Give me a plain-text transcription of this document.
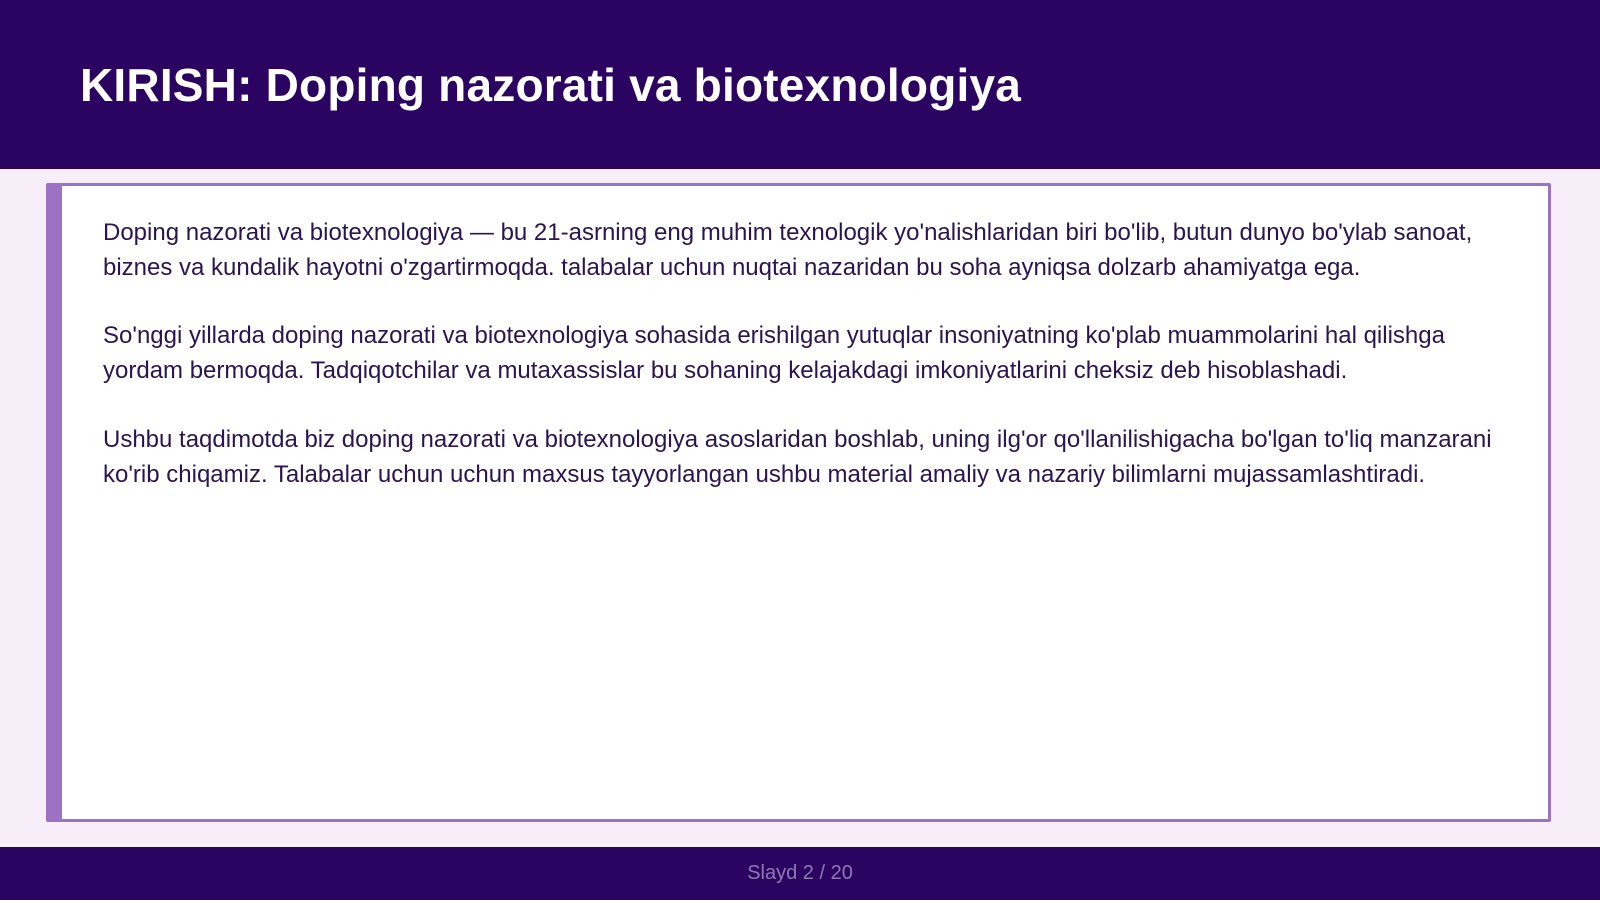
KIRISH: Doping nazorati va biotexnologiya

Doping nazorati va biotexnologiya — bu 21-asrning eng muhim texnologik yo'nalishlaridan biri bo'lib, butun dunyo bo'ylab sanoat, biznes va kundalik hayotni o'zgartirmoqda. talabalar uchun nuqtai nazaridan bu soha ayniqsa dolzarb ahamiyatga ega.

So'nggi yillarda doping nazorati va biotexnologiya sohasida erishilgan yutuqlar insoniyatning ko'plab muammolarini hal qilishga yordam bermoqda. Tadqiqotchilar va mutaxassislar bu sohaning kelajakdagi imkoniyatlarini cheksiz deb hisoblashadi.

Ushbu taqdimotda biz doping nazorati va biotexnologiya asoslaridan boshlab, uning ilg'or qo'llanilishigacha bo'lgan to'liq manzarani ko'rib chiqamiz. Talabalar uchun uchun maxsus tayyorlangan ushbu material amaliy va nazariy bilimlarni mujassamlashtiradi.

Slayd 2 / 20
